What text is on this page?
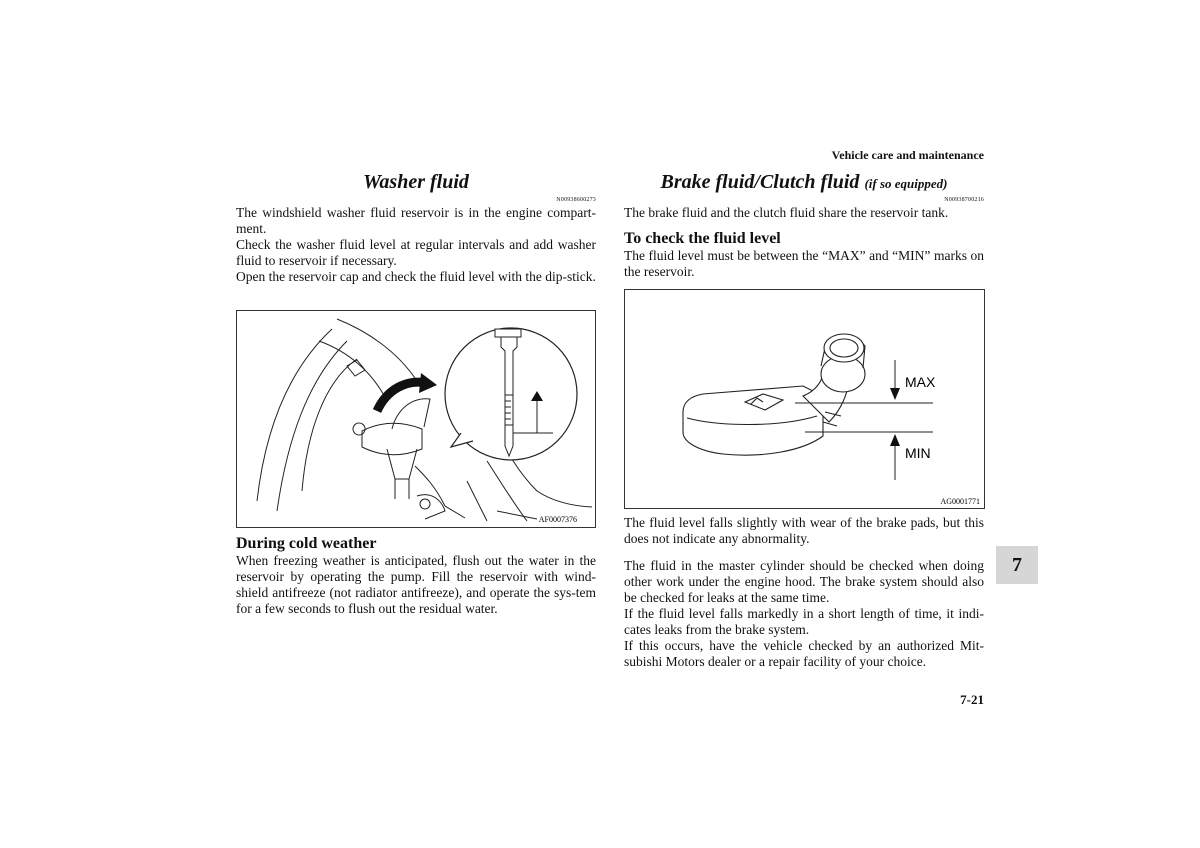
Vehicle care and maintenance
Washer fluid
N00938600273

The windshield washer fluid reservoir is in the engine compart-ment.

Check the washer fluid level at regular intervals and add washer fluid to reservoir if necessary.

Open the reservoir cap and check the fluid level with the dip-stick.

AF0007376
During cold weather
When freezing weather is anticipated, flush out the water in the reservoir by operating the pump. Fill the reservoir with wind-shield antifreeze (not radiator antifreeze), and operate the sys-tem for a few seconds to flush out the residual water.
Brake fluid/Clutch fluid (if so equipped)
N00938700216
The brake fluid and the clutch fluid share the reservoir tank.
To check the fluid level
The fluid level must be between the “MAX” and “MIN” marks on the reservoir.
MAX
MIN
AG0001771
The fluid level falls slightly with wear of the brake pads, but this does not indicate any abnormality.

The fluid in the master cylinder should be checked when doing other work under the engine hood. The brake system should also be checked for leaks at the same time.

If the fluid level falls markedly in a short length of time, it indi-cates leaks from the brake system.

If this occurs, have the vehicle checked by an authorized Mit-subishi Motors dealer or a repair facility of your choice.

7
7-21
